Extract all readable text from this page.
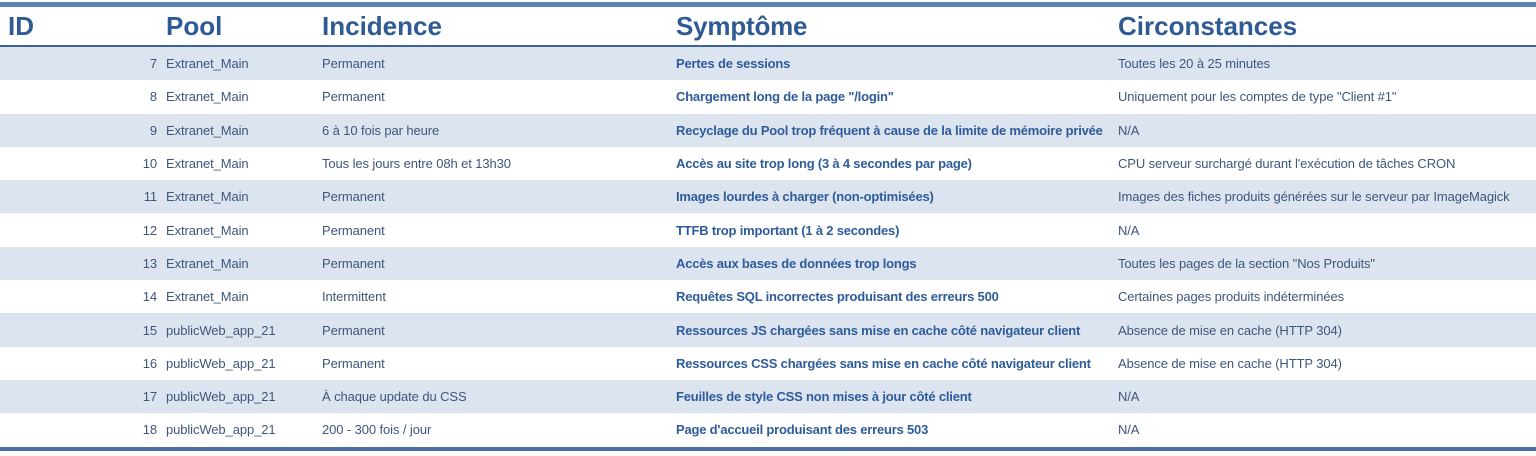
ID	Pool	Incidence	Symptôme	Circonstances
7 Extranet_Main	Permanent	Pertes de sessions	Toutes les 20 à 25 minutes
8 Extranet_Main	Permanent	Chargement long de la page "/login"	Uniquement pour les comptes de type "Client #1"
9 Extranet_Main	6 à 10 fois par heure	Recyclage du Pool trop fréquent à cause de la limite de mémoire privée	N/A
10 Extranet_Main	Tous les jours entre 08h et 13h30	Accès au site trop long (3 à 4 secondes par page)	CPU serveur surchargé durant l'exécution de tâches CRON
11 Extranet_Main	Permanent	Images lourdes à charger (non-optimisées)	Images des fiches produits générées sur le serveur par ImageMagick
12 Extranet_Main	Permanent	TTFB trop important (1 à 2 secondes)	N/A
13 Extranet_Main	Permanent	Accès aux bases de données trop longs	Toutes les pages de la section "Nos Produits"
14 Extranet_Main	Intermittent	Requêtes SQL incorrectes produisant des erreurs 500	Certaines pages produits indéterminées
15 publicWeb_app_21	Permanent	Ressources JS chargées sans mise en cache côté navigateur client	Absence de mise en cache (HTTP 304)
16 publicWeb_app_21	Permanent	Ressources CSS chargées sans mise en cache côté navigateur client	Absence de mise en cache (HTTP 304)
17 publicWeb_app_21	À chaque update du CSS	Feuilles de style CSS non mises à jour côté client	N/A
18 publicWeb_app_21	200 - 300 fois / jour	Page d'accueil produisant des erreurs 503	N/A
